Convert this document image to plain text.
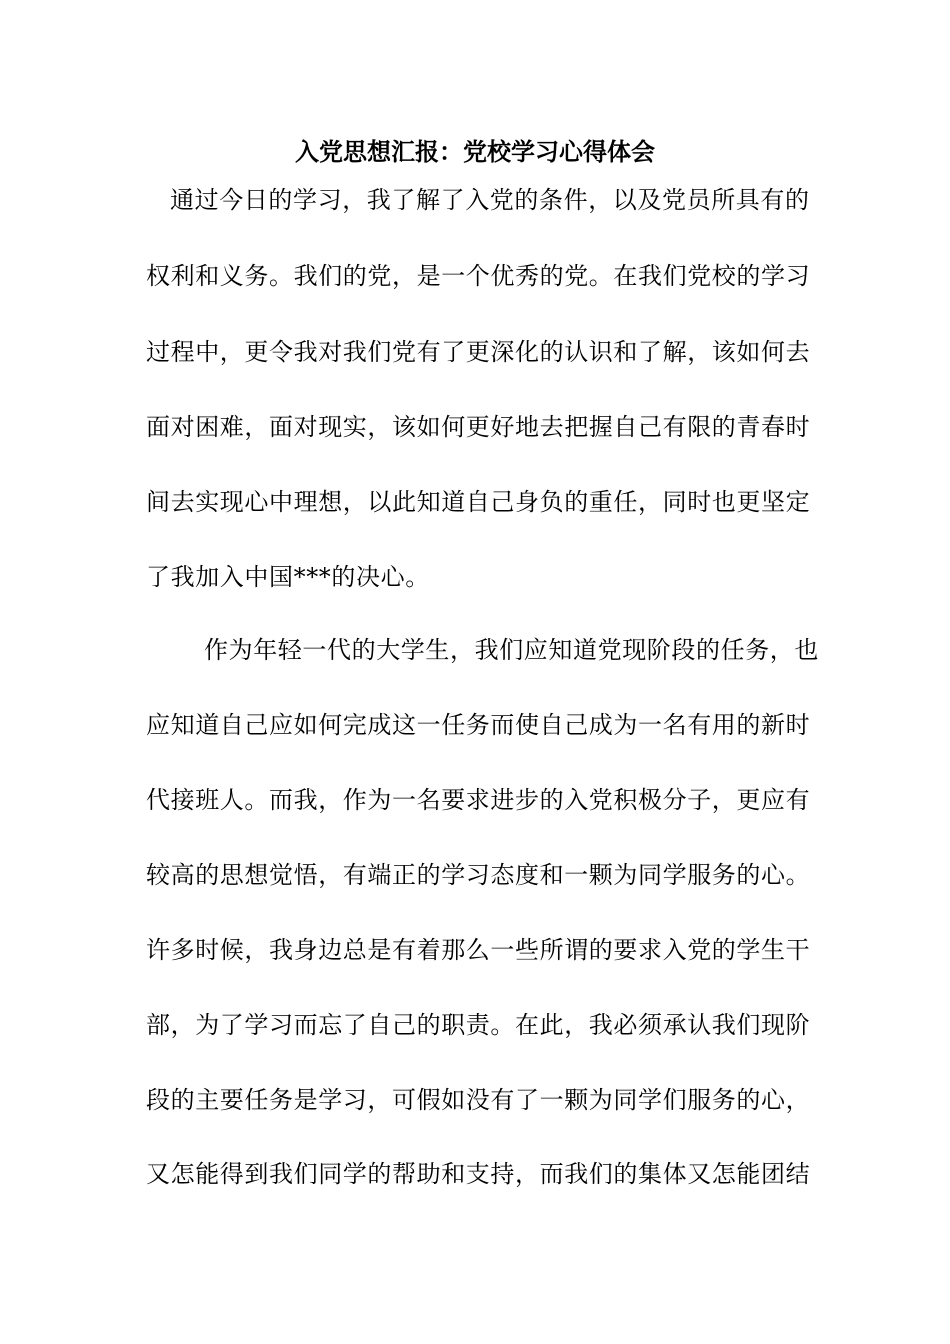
入党思想汇报：党校学习心得体会
通过今日的学习，我了解了入党的条件，以及党员所具有的
权利和义务。我们的党，是一个优秀的党。在我们党校的学习
过程中，更令我对我们党有了更深化的认识和了解，该如何去
面对困难，面对现实，该如何更好地去把握自己有限的青春时
间去实现心中理想，以此知道自己身负的重任，同时也更坚定
了我加入中国***的决心。
作为年轻一代的大学生，我们应知道党现阶段的任务，也
应知道自己应如何完成这一任务而使自己成为一名有用的新时
代接班人。而我，作为一名要求进步的入党积极分子，更应有
较高的思想觉悟，有端正的学习态度和一颗为同学服务的心。
许多时候，我身边总是有着那么一些所谓的要求入党的学生干
部，为了学习而忘了自己的职责。在此，我必须承认我们现阶
段的主要任务是学习，可假如没有了一颗为同学们服务的心，
又怎能得到我们同学的帮助和支持，而我们的集体又怎能团结
